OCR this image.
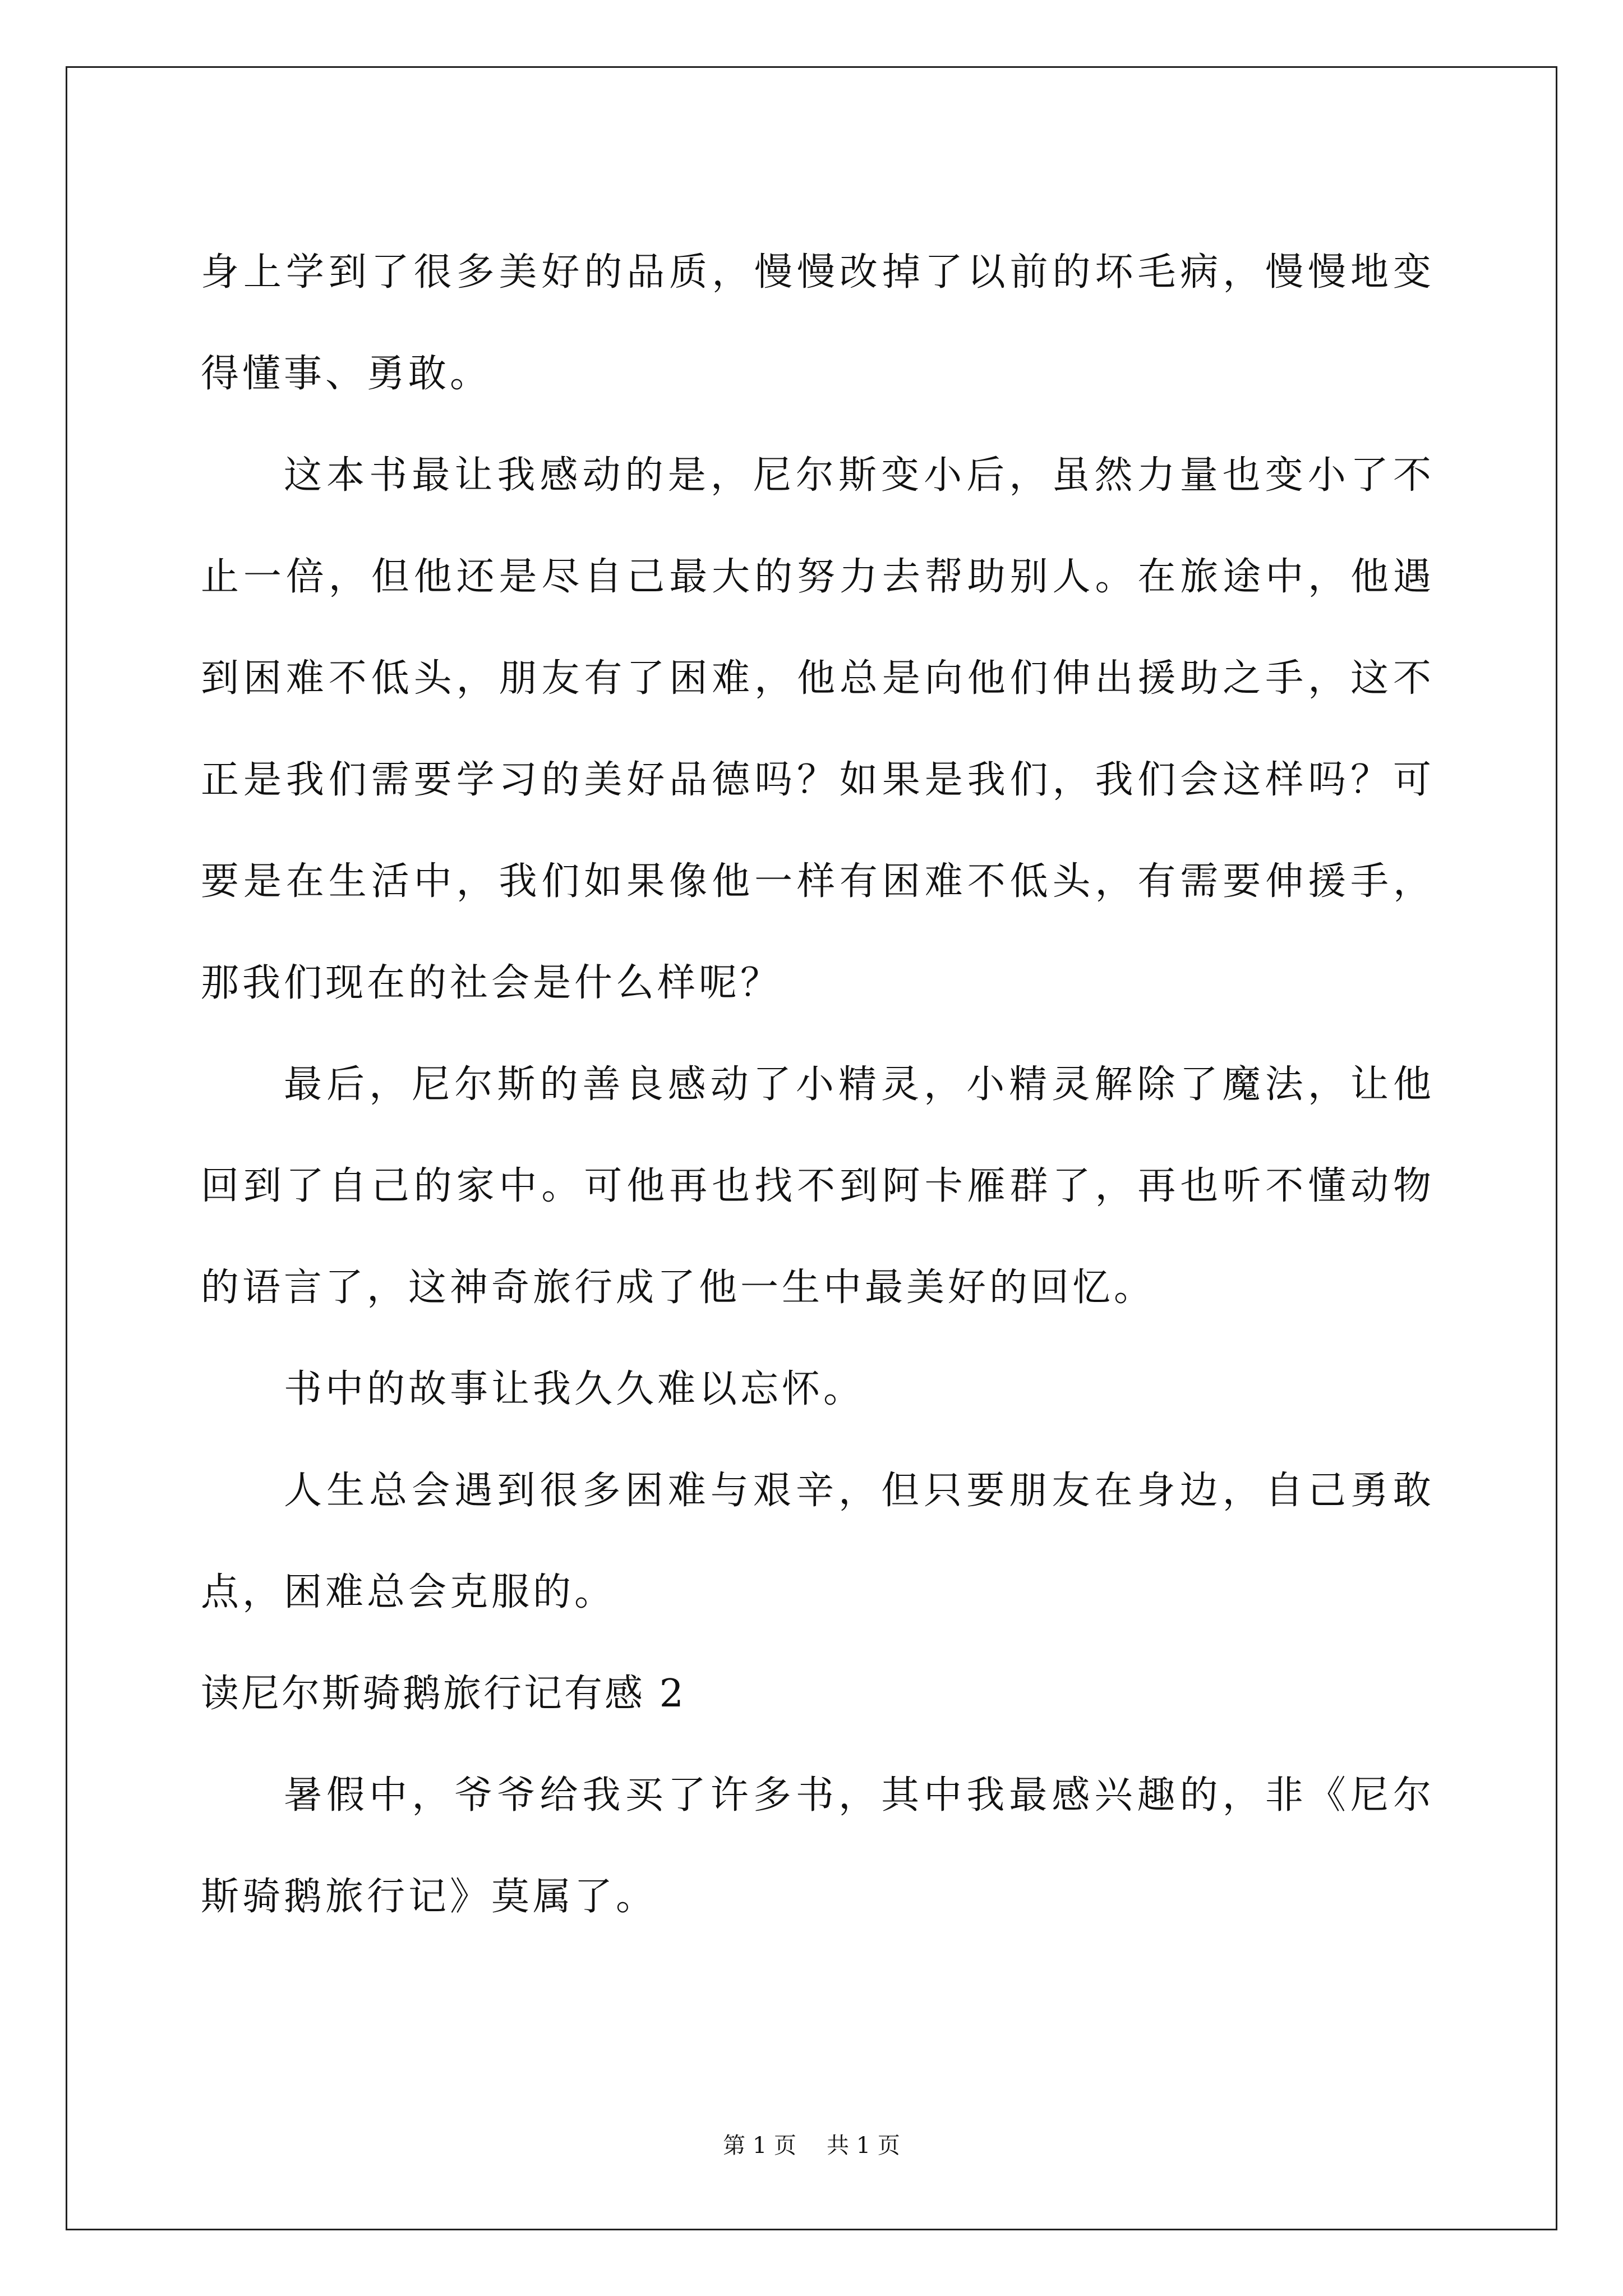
身上学到了很多美好的品质，慢慢改掉了以前的坏毛病，慢慢地变得懂事、勇敢。

这本书最让我感动的是，尼尔斯变小后，虽然力量也变小了不止一倍，但他还是尽自己最大的努力去帮助别人。在旅途中，他遇到困难不低头，朋友有了困难，他总是向他们伸出援助之手，这不正是我们需要学习的美好品德吗？如果是我们，我们会这样吗？可要是在生活中，我们如果像他一样有困难不低头，有需要伸援手，那我们现在的社会是什么样呢？

最后，尼尔斯的善良感动了小精灵，小精灵解除了魔法，让他回到了自己的家中。可他再也找不到阿卡雁群了，再也听不懂动物的语言了，这神奇旅行成了他一生中最美好的回忆。

书中的故事让我久久难以忘怀。

人生总会遇到很多困难与艰辛，但只要朋友在身边，自己勇敢点，困难总会克服的。

读尼尔斯骑鹅旅行记有感 2

暑假中，爷爷给我买了许多书，其中我最感兴趣的，非《尼尔斯骑鹅旅行记》莫属了。

第 1 页 共 1 页
